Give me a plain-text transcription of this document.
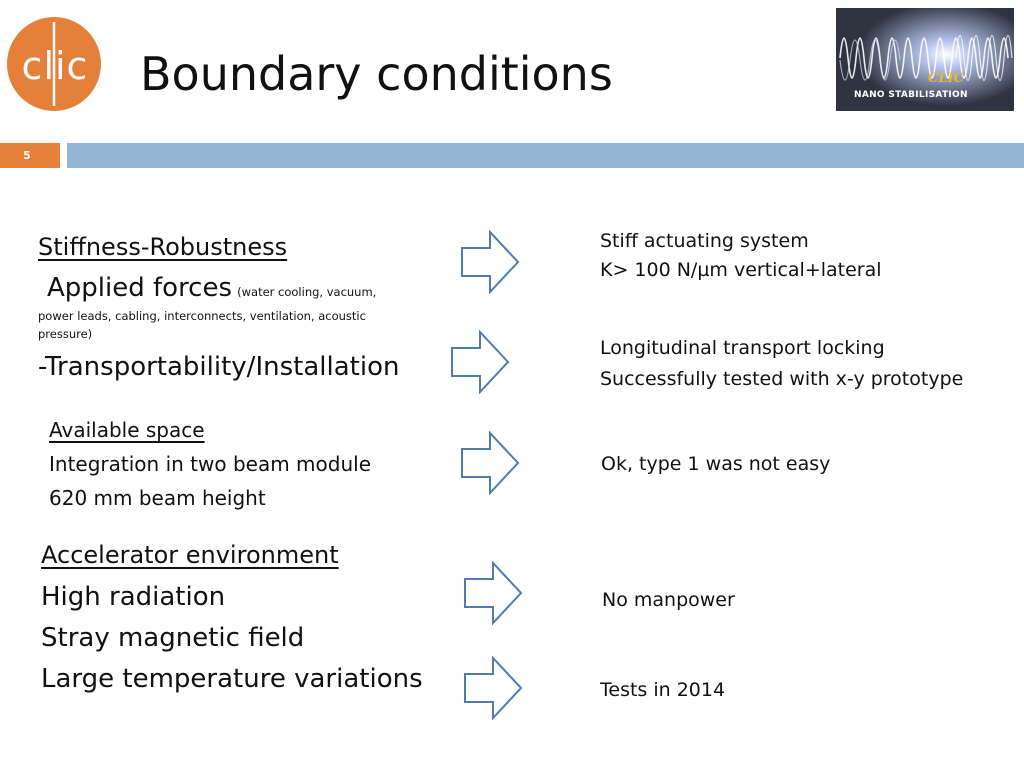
clic Boundary conditions	CLIC
NANO STABILISATION
5
Stiffness-Robustness
Applied forces (water cooling, vacuum,
power leads, cabling, interconnects, ventilation, acoustic
pressure)
-Transportability/Installation
Available space
Integration in two beam module
620 mm beam height
Accelerator environment
High radiation
Stray magnetic field
Large temperature variations
Stiff actuating system
K> 100 N/µm vertical+lateral
Longitudinal transport locking
Successfully tested with x-y prototype
Ok, type 1 was not easy
No manpower
Tests in 2014
